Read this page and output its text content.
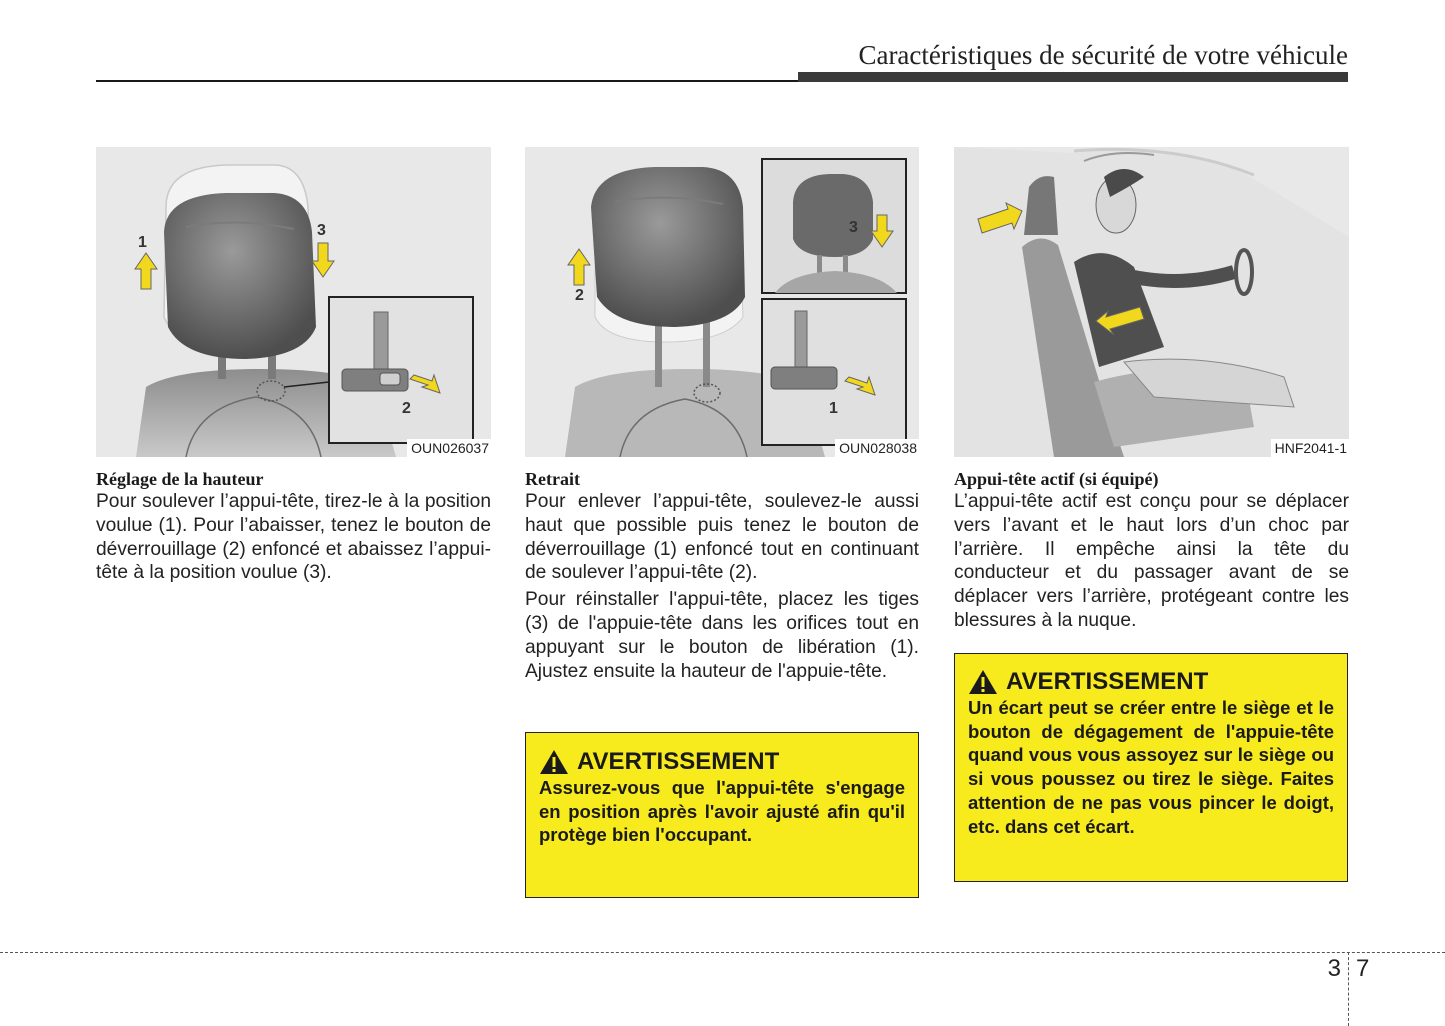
Caractéristiques de sécurité de votre véhicule
1
3
2
OUN026037
Réglage de la hauteur

Pour soulever l’appui-tête, tirez-le à la position voulue (1). Pour l’abaisser, tenez le bouton de déverrouillage (2) enfoncé et abaissez l’appui-tête à la position voulue (3).

2
3
1
OUN028038
Retrait

Pour enlever l’appui-tête, soulevez-le aussi haut que possible puis tenez le bouton de déverrouillage (1) enfoncé tout en continuant de soulever l’appui-tête (2).

Pour réinstaller l'appui-tête, placez les tiges (3) de l'appuie-tête dans les orifices tout en appuyant sur le bouton de libération (1). Ajustez ensuite la hauteur de l'appuie-tête.

HNF2041-1
Appui-tête actif (si équipé)

L’appui-tête actif est conçu pour se déplacer vers l’avant et le haut lors d’un choc par l’arrière. Il empêche ainsi la tête du conducteur et du passager avant de se déplacer vers l’arrière, protégeant contre les blessures à la nuque.

AVERTISSEMENT
Assurez-vous que l'appui-tête s'engage en position après l'avoir ajusté afin qu'il protège bien l'occupant.
AVERTISSEMENT
Un écart peut se créer entre le siège et le bouton de dégagement de l'appuie-tête quand vous vous assoyez sur le siège ou si vous poussez ou tirez le siège. Faites attention de ne pas vous pincer le doigt, etc. dans cet écart.
3 7
